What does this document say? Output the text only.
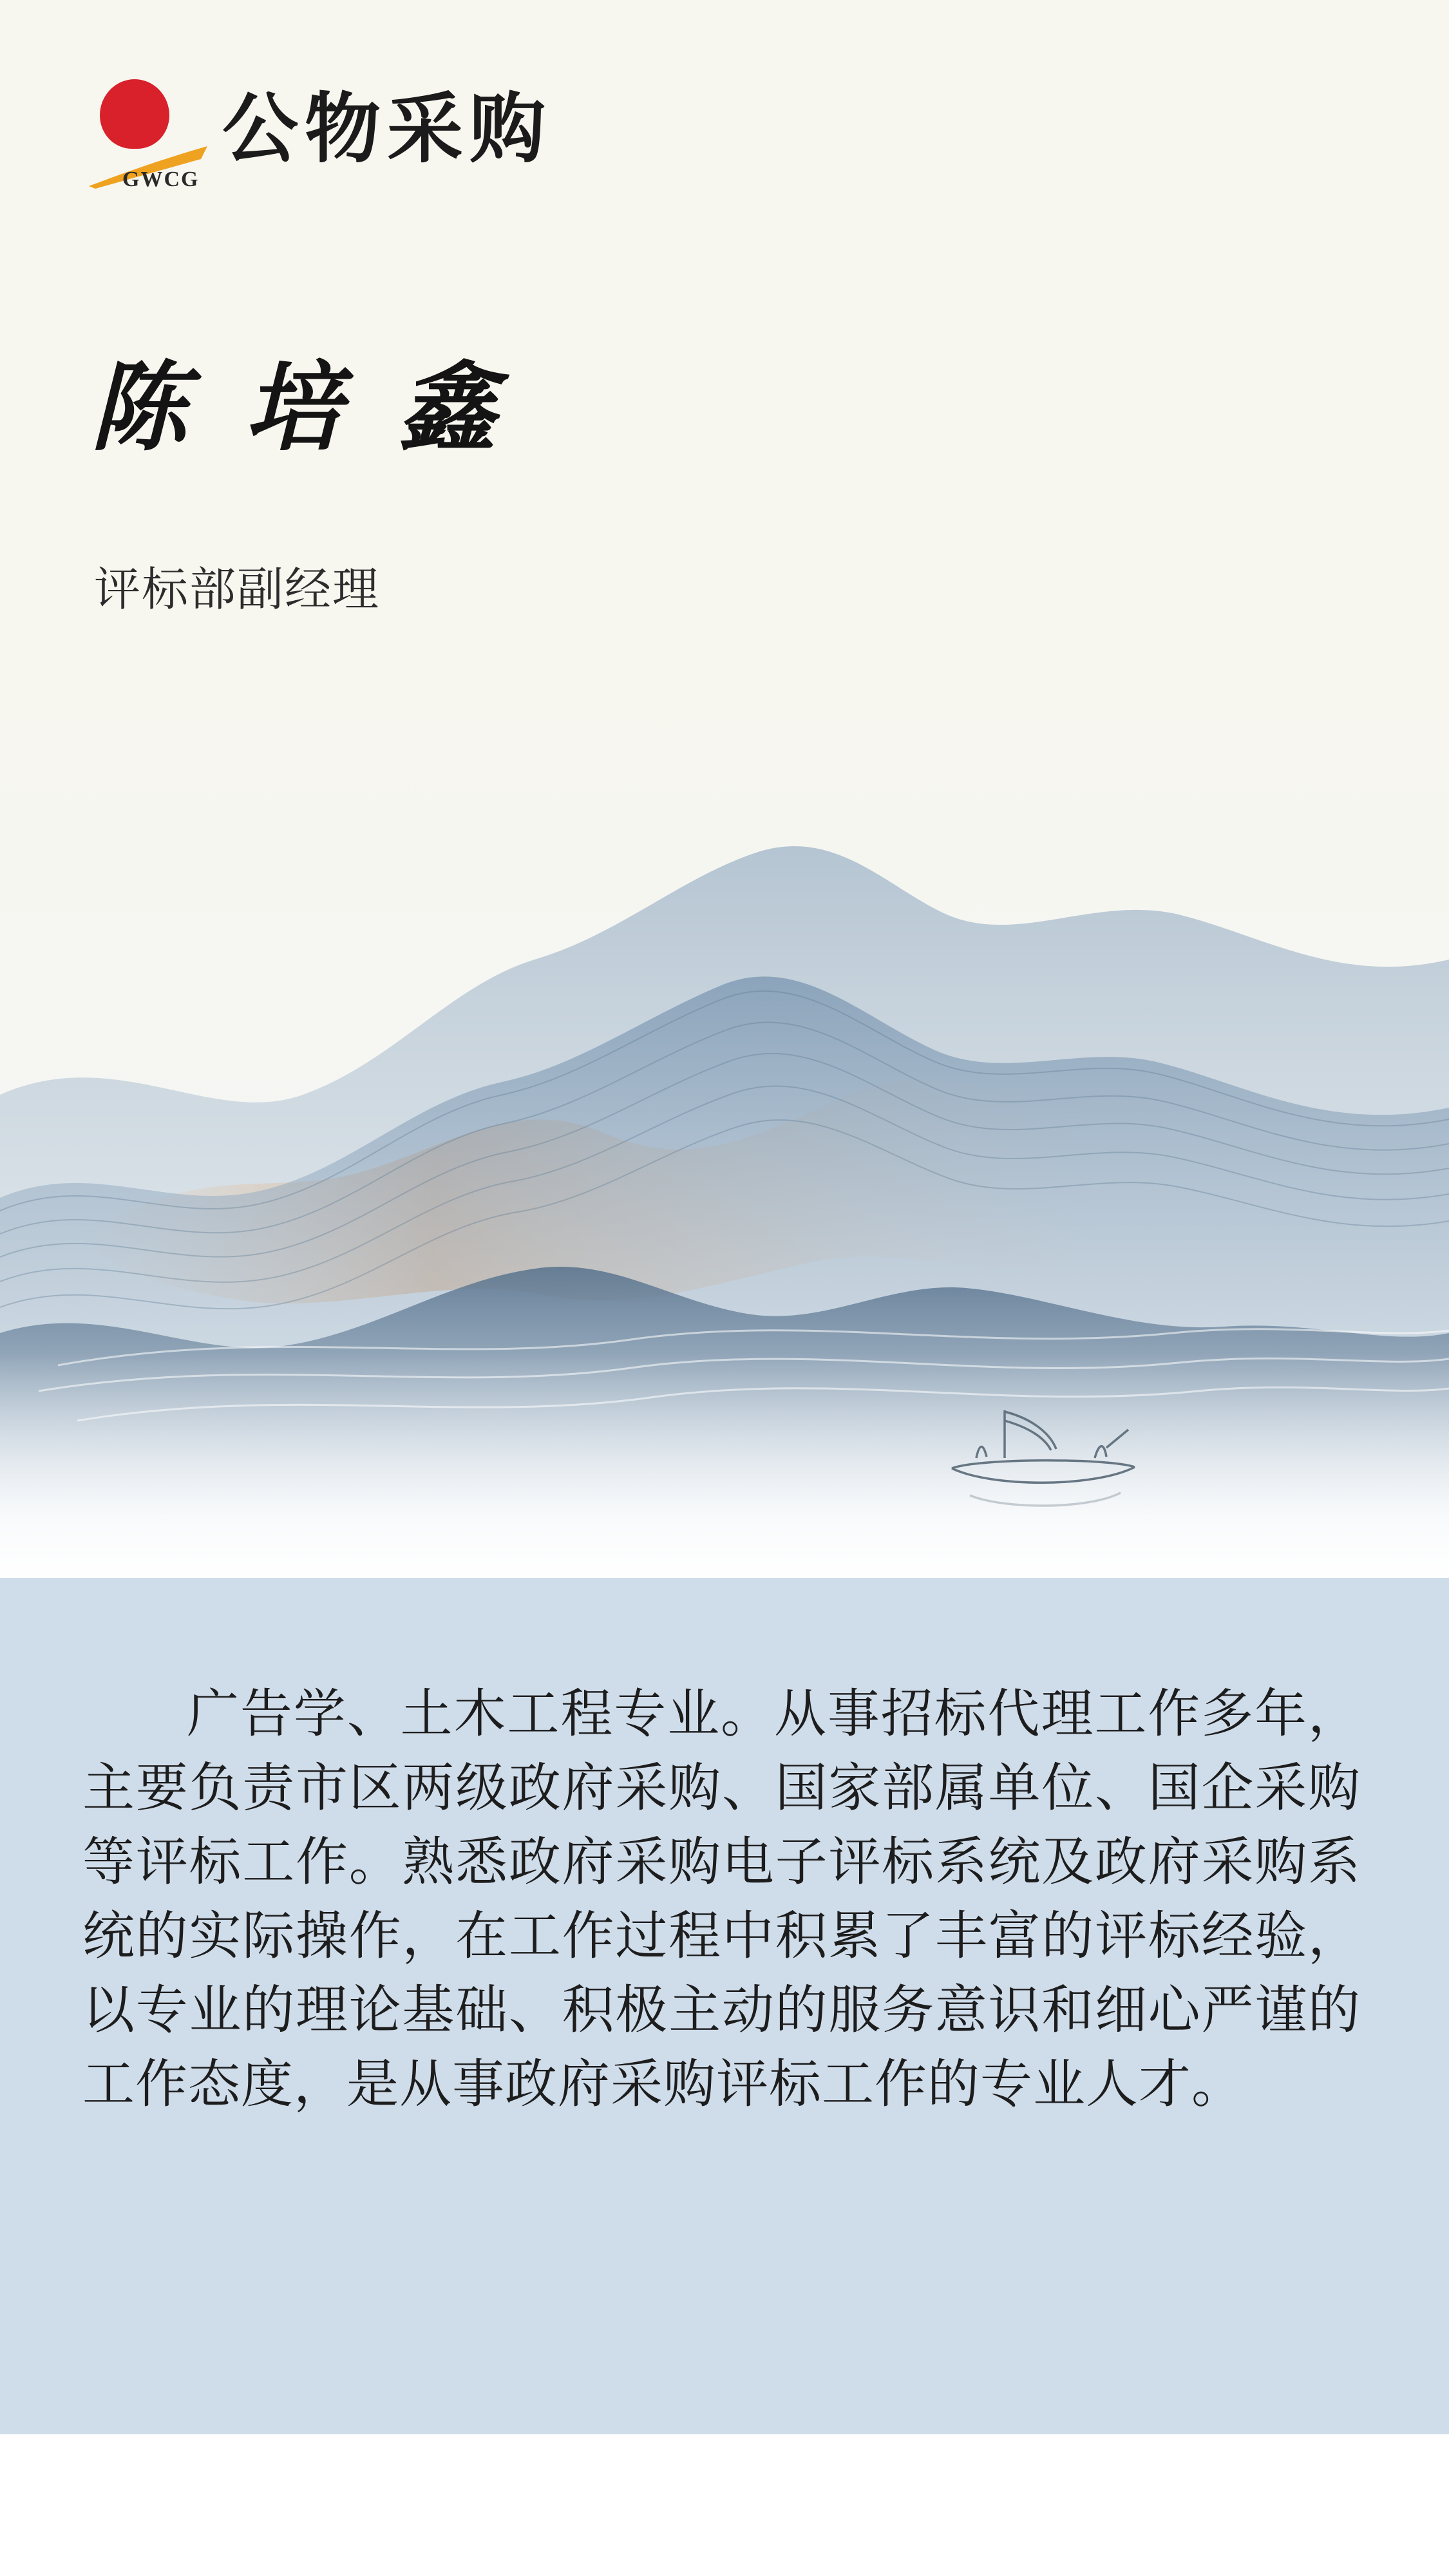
GWCG
公物采购
陈 培 鑫
评标部副经理
广告学、土木工程专业。从事招标代理工作多年，主要负责市区两级政府采购、国家部属单位、国企采购等评标工作。熟悉政府采购电子评标系统及政府采购系统的实际操作，在工作过程中积累了丰富的评标经验，以专业的理论基础、积极主动的服务意识和细心严谨的工作态度，是从事政府采购评标工作的专业人才。
